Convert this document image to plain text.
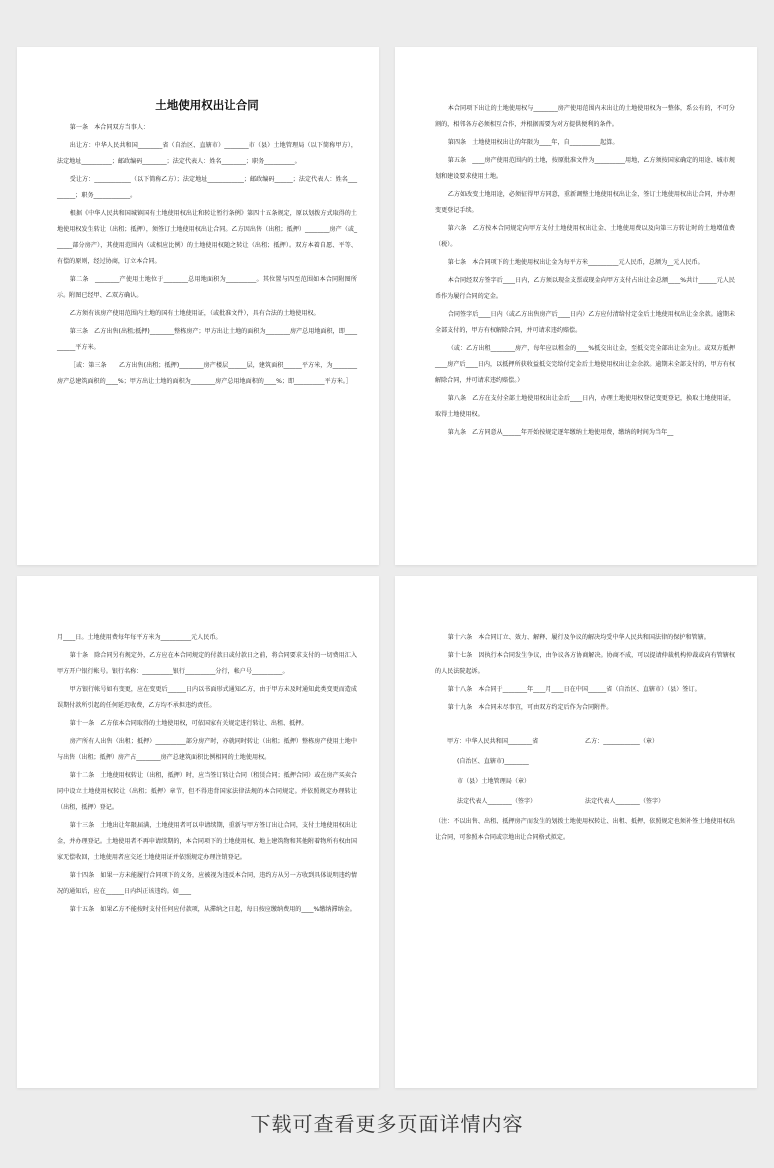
土地使用权出让合同

第一条　本合同双方当事人：

出让方：中华人民共和国________省（自治区、直辖市）________市（县）土地管理局（以下简称甲方），法定地址__________；邮政编码________；法定代表人：姓名________；职务__________。

受让方：____________（以下简称乙方）；法定地址____________；邮政编码______；法定代表人：姓名_________；职务____________。

根据《中华人民共和国城镇国有土地使用权出让和转让暂行条例》第四十五条规定，原以划拨方式取得的土地使用权发生转让（出租；抵押），须签订土地使用权出让合同。乙方因出售（出租；抵押）________房产（或______部分房产），其使用范围内（或相应比例）的土地使用权随之转让（出租；抵押）。双方本着自愿、平等、有偿的原则，经过协商，订立本合同。

第二条　________产使用土地位于________总用地面积为__________。其位置与四至范围如本合同附图所示。附图已经甲、乙双方确认。

乙方须有该房产使用范围内土地的国有土地使用证，（或批准文件），具有合法的土地使用权。

第三条　乙方出售(出租;抵押)________整栋房产；甲方出让土地的面积为________房产总用地面积，即__________平方米。

［或：第三条　　乙方出售(出租；抵押)________房产楼层______层，建筑面积______平方米，为________房产总建筑面积的____%；甲方出让土地的面积为________房产总用地面积的____%；即__________平方米。］

本合同项下出让的土地使用权与________房产使用范围内未出让的土地使用权为一整体，系公有的，不可分割的，相邻各方必须相互合作，并根据需要为对方提供便利的条件。

第四条　土地使用权出让的年限为____年，自__________起算。

第五条　____房产使用范围内的土地，按原批准文件为__________用地，乙方须按国家确定的用途、城市规划和建设要求使用土地。

乙方如改变土地用途，必须征得甲方同意，重新调整土地使用权出让金，签订土地使用权出让合同，并办理变更登记手续。

第六条　乙方按本合同规定向甲方支付土地使用权出让金、土地使用费以及向第三方转让时的土地增值费（税）。

第七条　本合同项下的土地使用权出让金为每平方米__________元人民币，总额为__元人民币。

本合同经双方签字后____日内，乙方须以现金支票或现金向甲方支付占出让金总额____%共计______元人民币作为履行合同的定金。

合同签字后____日内（或乙方出售房产后____日内）乙方应付清给付定金后土地使用权出让金余款。逾期未全部支付的，甲方有权解除合同，并可请求违约赔偿。

（或：乙方出租________房产，每年应以租金的____%抵交出让金，至抵交完全部出让金为止。或双方抵押____房产后____日内，以抵押所获收益抵交完给付定金后土地使用权出让金余款。逾期未全部支付的，甲方有权解除合同，并可请求违约赔偿。）

第八条　乙方在支付全部土地使用权出让金后____日内，办理土地使用权登记变更登记，换取土地使用证，取得土地使用权。

第九条　乙方同意从______年开始按规定逐年缴纳土地使用费，缴纳的时间为当年__

月____日。土地使用费每年每平方米为__________元人民币。

第十条　除合同另有规定外，乙方应在本合同规定的付款日或付款日之前，将合同要求支付的一切费用汇入甲方开户银行帐号。银行名称：__________银行__________分行，帐户号__________。

甲方银行帐号如有变更，应在变更后______日内以书面形式通知乙方，由于甲方未及时通知此类变更而造成误期付款所引起的任何延迟收费，乙方均不承担违约责任。

第十一条　乙方依本合同取得的土地使用权，可依国家有关规定进行转让、出租、抵押。

房产所有人出售（出租；抵押）__________部分房产时，亦就同时转让（出租；抵押）整栋房产使用土地中与出售（出租；抵押）房产占________房产总建筑面积比例相同的土地使用权。

第十二条　土地使用权转让（出租，抵押）时，应当签订转让合同（租赁合同；抵押合同）或在房产买卖合同中设立土地使用权转让（出租；抵押）章节，但不得违背国家法律法规的本合同规定。并依照规定办理转让（出租，抵押）登记。

第十三条　土地出让年限届满，土地使用者可以申请续期，重新与甲方签订出让合同，支付土地使用权出让金，并办理登记。土地使用者不再申请续期的，本合同项下的土地使用权、地上建筑物和其他附着物所有权由国家无偿收回，土地使用者应交还土地使用证并依照规定办理注销登记。

第十四条　如果一方未能履行合同项下的义务，应被视为违反本合同，违约方从另一方收到具体说明违约情况的通知后，应在______日内纠正该违约。如____

第十五条　如果乙方不能按时支付任何应付款项，从滞纳之日起，每日按应缴纳费用的____%缴纳滞纳金。

第十六条　本合同订立、效力、解释、履行及争议的解决均受中华人民共和国法律的保护和管辖。

第十七条　因执行本合同发生争议，由争议各方协商解决。协商不成，可以提请仲裁机构仲裁或向有管辖权的人民法院起诉。

第十八条　本合同于________年____月____日在中国______省（自治区、直辖市）（县）签订。

第十九条　本合同未尽事宜，可由双方约定后作为合同附件。

甲方：中华人民共和国________省	乙方：____________（章）
(自治区、直辖市)________
市（县）土地管理局（章）
法定代表人________（签字）	法定代表人________（签字）

（注：不以出售、出租、抵押房产而发生的划拨土地使用权转让、出租、抵押，依照规定也须补签土地使用权出让合同，可参照本合同或宗地出让合同格式拟定。

下载可查看更多页面详情内容
